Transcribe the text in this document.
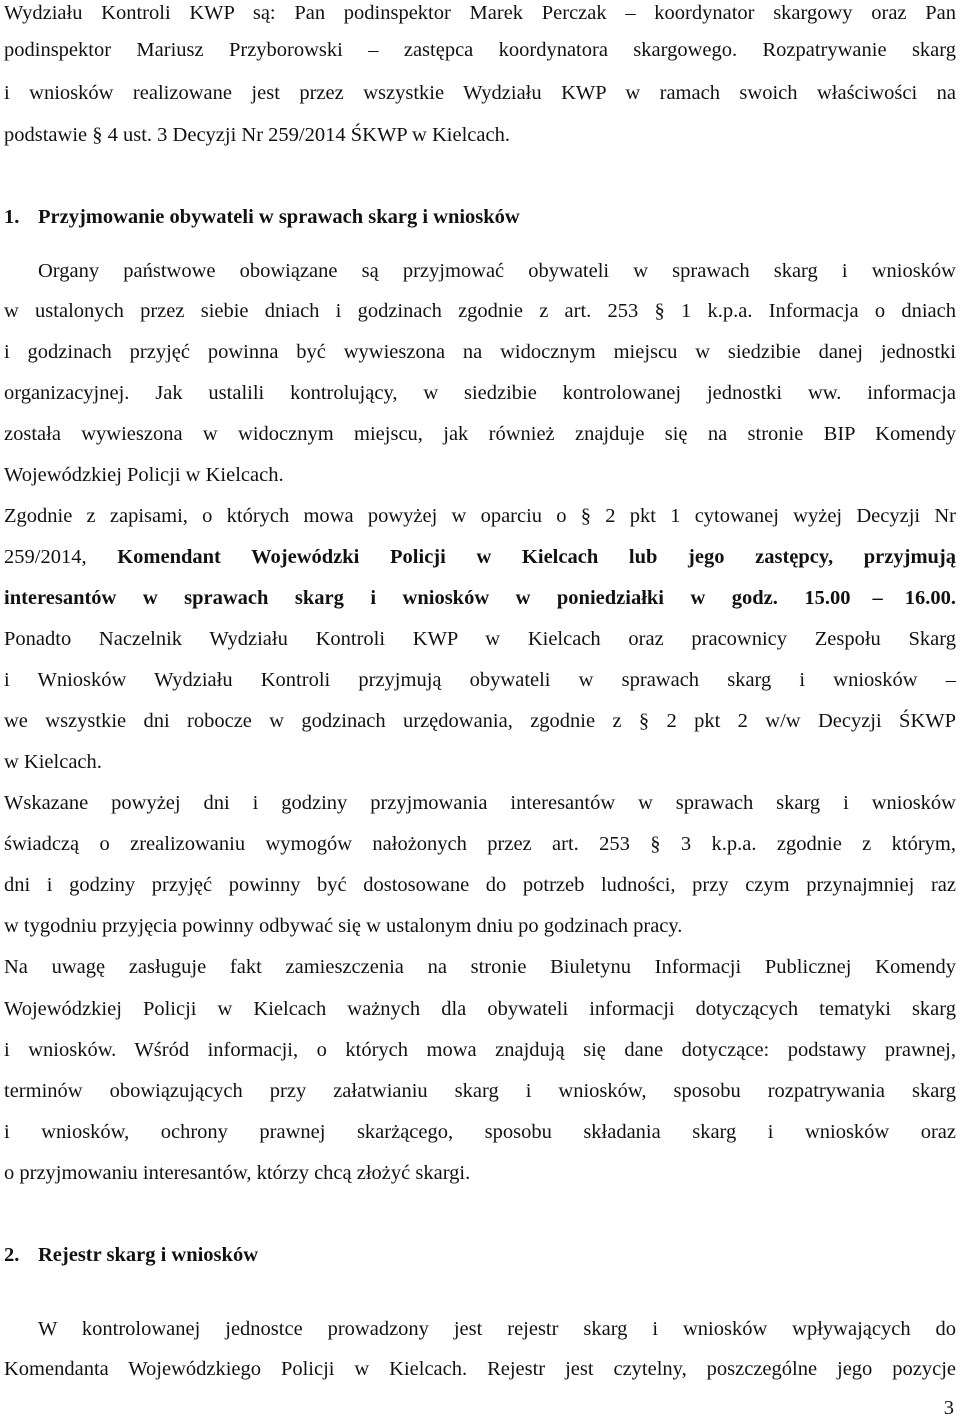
Wydziału Kontroli KWP są: Pan podinspektor Marek Perczak – koordynator skargowy oraz Pan

podinspektor Mariusz Przyborowski – zastępca koordynatora skargowego. Rozpatrywanie skarg

i wniosków realizowane jest przez wszystkie Wydziału KWP w ramach swoich właściwości na

podstawie § 4 ust. 3 Decyzji Nr 259/2014 ŚKWP w Kielcach.

1. Przyjmowanie obywateli w sprawach skarg i wniosków

Organy państwowe obowiązane są przyjmować obywateli w sprawach skarg i wniosków

w ustalonych przez siebie dniach i godzinach zgodnie z art. 253 § 1 k.p.a. Informacja o dniach

i godzinach przyjęć powinna być wywieszona na widocznym miejscu w siedzibie danej jednostki

organizacyjnej. Jak ustalili kontrolujący, w siedzibie kontrolowanej jednostki ww. informacja

została wywieszona w widocznym miejscu, jak również znajduje się na stronie BIP Komendy

Wojewódzkiej Policji w Kielcach.

Zgodnie z zapisami, o których mowa powyżej w oparciu o § 2 pkt 1 cytowanej wyżej Decyzji Nr

259/2014, Komendant Wojewódzki Policji w Kielcach lub jego zastępcy, przyjmują

interesantów w sprawach skarg i wniosków w poniedziałki w godz. 15.00 – 16.00.

Ponadto Naczelnik Wydziału Kontroli KWP w Kielcach oraz pracownicy Zespołu Skarg

i Wniosków Wydziału Kontroli przyjmują obywateli w sprawach skarg i wniosków –

we wszystkie dni robocze w godzinach urzędowania, zgodnie z § 2 pkt 2 w/w Decyzji ŚKWP

w Kielcach.

Wskazane powyżej dni i godziny przyjmowania interesantów w sprawach skarg i wniosków

świadczą o zrealizowaniu wymogów nałożonych przez art. 253 § 3 k.p.a. zgodnie z którym,

dni i godziny przyjęć powinny być dostosowane do potrzeb ludności, przy czym przynajmniej raz

w tygodniu przyjęcia powinny odbywać się w ustalonym dniu po godzinach pracy.

Na uwagę zasługuje fakt zamieszczenia na stronie Biuletynu Informacji Publicznej Komendy

Wojewódzkiej Policji w Kielcach ważnych dla obywateli informacji dotyczących tematyki skarg

i wniosków. Wśród informacji, o których mowa znajdują się dane dotyczące: podstawy prawnej,

terminów obowiązujących przy załatwianiu skarg i wniosków, sposobu rozpatrywania skarg

i wniosków, ochrony prawnej skarżącego, sposobu składania skarg i wniosków oraz

o przyjmowaniu interesantów, którzy chcą złożyć skargi.

2. Rejestr skarg i wniosków

W kontrolowanej jednostce prowadzony jest rejestr skarg i wniosków wpływających do

Komendanta Wojewódzkiego Policji w Kielcach. Rejestr jest czytelny, poszczególne jego pozycje

3
